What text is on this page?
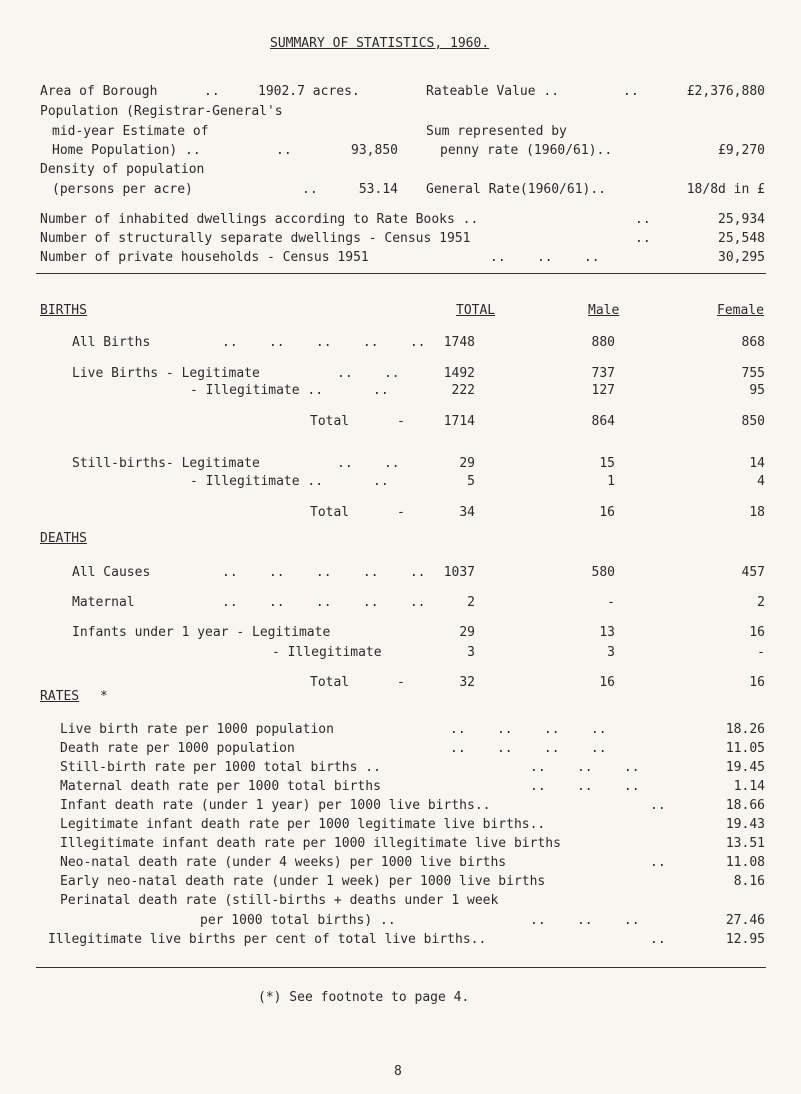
SUMMARY OF STATISTICS, 1960.
Area of Borough	..	1902.7 acres.	Rateable Value ..	..	£2,376,880
Population (Registrar-General's
mid-year Estimate of
Home Population) ..	..	93,850
Sum represented by
penny rate (1960/61)..	£9,270
Density of population
(persons per acre)	..	53.14 General Rate(1960/61)..	18/8d in £
Number of inhabited dwellings according to Rate Books ..	..	25,934
Number of structurally separate dwellings - Census 1951	..	25,548
Number of private households - Census 1951	..    ..    ..	30,295
BIRTHS	TOTAL	Male	Female
All Births	..    ..    ..    ..    ..	1748	880	868
Live Births - Legitimate	..    ..	1492	737	755
- Illegitimate ..	..	222	127	95
Total	-	1714	864	850
Still-births- Legitimate	..    ..	29	15	14
- Illegitimate ..	..	5	1	4
Total	-	34	16	18
DEATHS
All Causes	..    ..    ..    ..    ..	1037	580	457
Maternal	..    ..    ..    ..    ..	2	-	2
Infants under 1 year - Legitimate	29	13	16
- Illegitimate	3	3	-
Total	-	32	16	16
RATES *
Live birth rate per 1000 population	..    ..    ..    ..	18.26
Death rate per 1000 population	..    ..    ..    ..	11.05
Still-birth rate per 1000 total births ..	..    ..    ..	19.45
Maternal death rate per 1000 total births	..    ..    ..	1.14
Infant death rate (under 1 year) per 1000 live births..	..	18.66
Legitimate infant death rate per 1000 legitimate live births..	19.43
Illegitimate infant death rate per 1000 illegitimate live births	13.51
Neo-natal death rate (under 4 weeks) per 1000 live births	..	11.08
Early neo-natal death rate (under 1 week) per 1000 live births	8.16
Perinatal death rate (still-births + deaths under 1 week
per 1000 total births) ..	..    ..    ..	27.46
Illegitimate live births per cent of total live births..	..	12.95
(*) See footnote to page 4.
8
